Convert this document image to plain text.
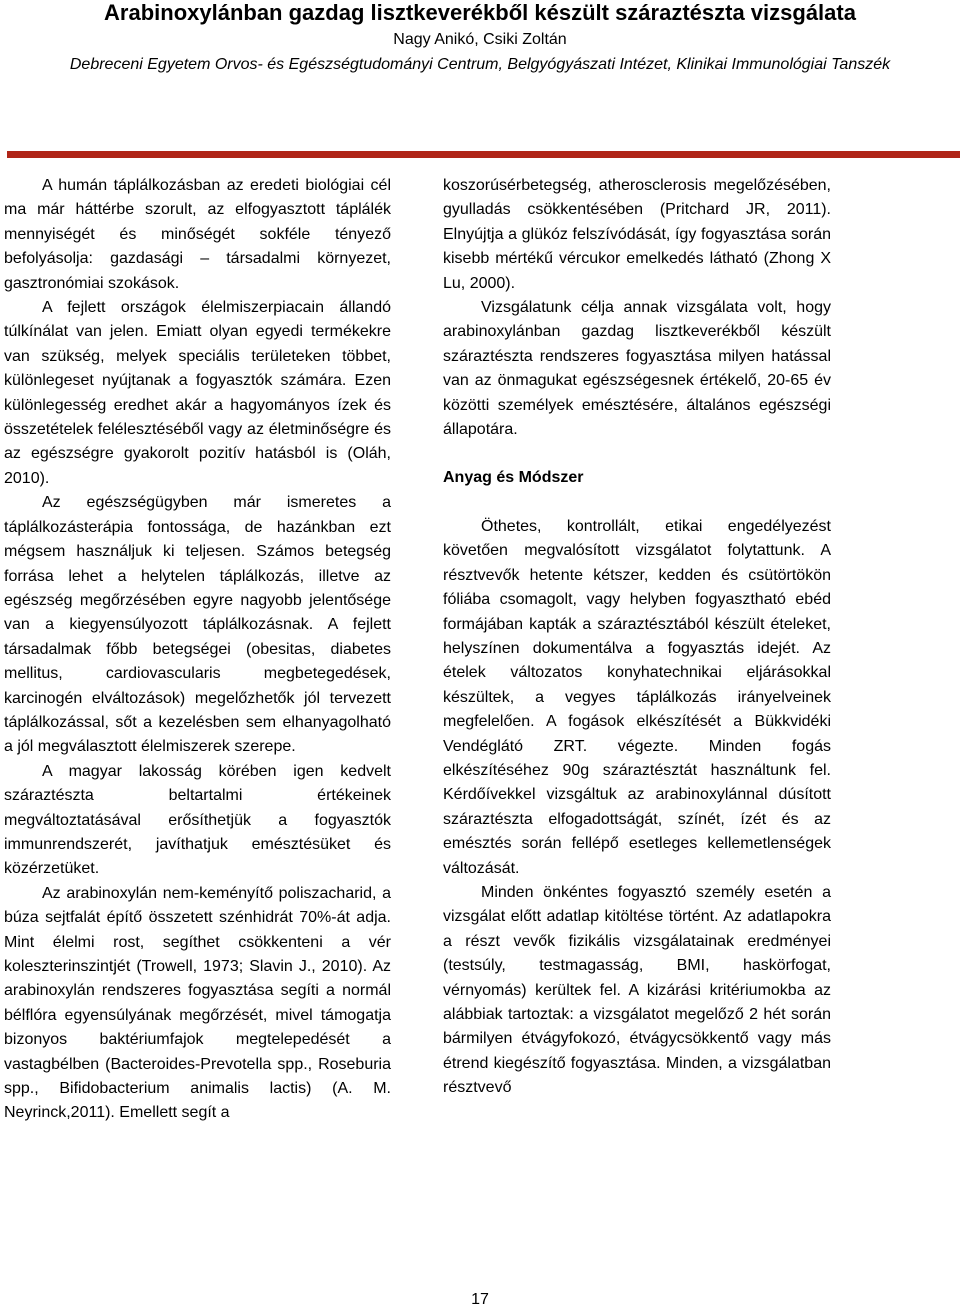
Arabinoxylánban gazdag lisztkeverékből készült száraztészta vizsgálata
Nagy Anikó, Csiki Zoltán
Debreceni Egyetem Orvos- és Egészségtudományi Centrum, Belgyógyászati Intézet, Klinikai Immunológiai Tanszék

A humán táplálkozásban az eredeti biológiai cél ma már háttérbe szorult, az elfogyasztott táplálék mennyiségét és minőségét sokféle tényező befolyásolja: gazdasági – társadalmi környezet, gasztronómiai szokások.

A fejlett országok élelmiszerpiacain állandó túlkínálat van jelen. Emiatt olyan egyedi termékekre van szükség, melyek speciális területeken többet, különlegeset nyújtanak a fogyasztók számára. Ezen különlegesség eredhet akár a hagyományos ízek és összetételek felélesztéséből vagy az életminőségre és az egészségre gyakorolt pozitív hatásból is (Oláh, 2010).

Az egészségügyben már ismeretes a táplálkozásterápia fontossága, de hazánkban ezt mégsem használjuk ki teljesen. Számos betegség forrása lehet a helytelen táplálkozás, illetve az egészség megőrzésében egyre nagyobb jelentősége van a kiegyensúlyozott táplálkozásnak. A fejlett társadalmak főbb betegségei (obesitas, diabetes mellitus, cardiovascularis megbetegedések, karcinogén elváltozások) megelőzhetők jól tervezett táplálkozással, sőt a kezelésben sem elhanyagolható a jól megválasztott élelmiszerek szerepe.

A magyar lakosság körében igen kedvelt száraztészta beltartalmi értékeinek megváltoztatásával erősíthetjük a fogyasztók immunrendszerét, javíthatjuk emésztésüket és közérzetüket.

Az arabinoxylán nem-keményítő poliszacharid, a búza sejtfalát építő összetett szénhidrát 70%-át adja. Mint élelmi rost, segíthet csökkenteni a vér koleszterinszintjét (Trowell, 1973; Slavin J., 2010). Az arabinoxylán rendszeres fogyasztása segíti a normál bélflóra egyensúlyának megőrzését, mivel támogatja bizonyos baktériumfajok megtelepedését a vastagbélben (Bacteroides-Prevotella spp., Roseburia spp., Bifidobacterium animalis lactis) (A. M. Neyrinck,2011). Emellett segít a

koszorúsérbetegség, atherosclerosis megelőzésében, gyulladás csökkentésében (Pritchard JR, 2011). Elnyújtja a glükóz felszívódását, így fogyasztása során kisebb mértékű vércukor emelkedés látható (Zhong X Lu, 2000).

Vizsgálatunk célja annak vizsgálata volt, hogy arabinoxylánban gazdag lisztkeverékből készült száraztészta rendszeres fogyasztása milyen hatással van az önmagukat egészségesnek értékelő, 20-65 év közötti személyek emésztésére, általános egészségi állapotára.

Anyag és Módszer

Öthetes, kontrollált, etikai engedélyezést követően megvalósított vizsgálatot folytattunk. A résztvevők hetente kétszer, kedden és csütörtökön fóliába csomagolt, vagy helyben fogyasztható ebéd formájában kapták a száraztésztából készült ételeket, helyszínen dokumentálva a fogyasztás idejét. Az ételek változatos konyhatechnikai eljárásokkal készültek, a vegyes táplálkozás irányelveinek megfelelően. A fogások elkészítését a Bükkvidéki Vendéglátó ZRT. végezte. Minden fogás elkészítéséhez 90g száraztésztát használtunk fel. Kérdőívekkel vizsgáltuk az arabinoxylánnal dúsított száraztészta elfogadottságát, színét, ízét és az emésztés során fellépő esetleges kellemetlenségek változását.

Minden önkéntes fogyasztó személy esetén a vizsgálat előtt adatlap kitöltése történt. Az adatlapokra a részt vevők fizikális vizsgálatainak eredményei (testsúly, testmagasság, BMI, haskörfogat, vérnyomás) kerültek fel. A kizárási kritériumokba az alábbiak tartoztak: a vizsgálatot megelőző 2 hét során bármilyen étvágyfokozó, étvágycsökkentő vagy más étrend kiegészítő fogyasztása. Minden, a vizsgálatban résztvevő

17
